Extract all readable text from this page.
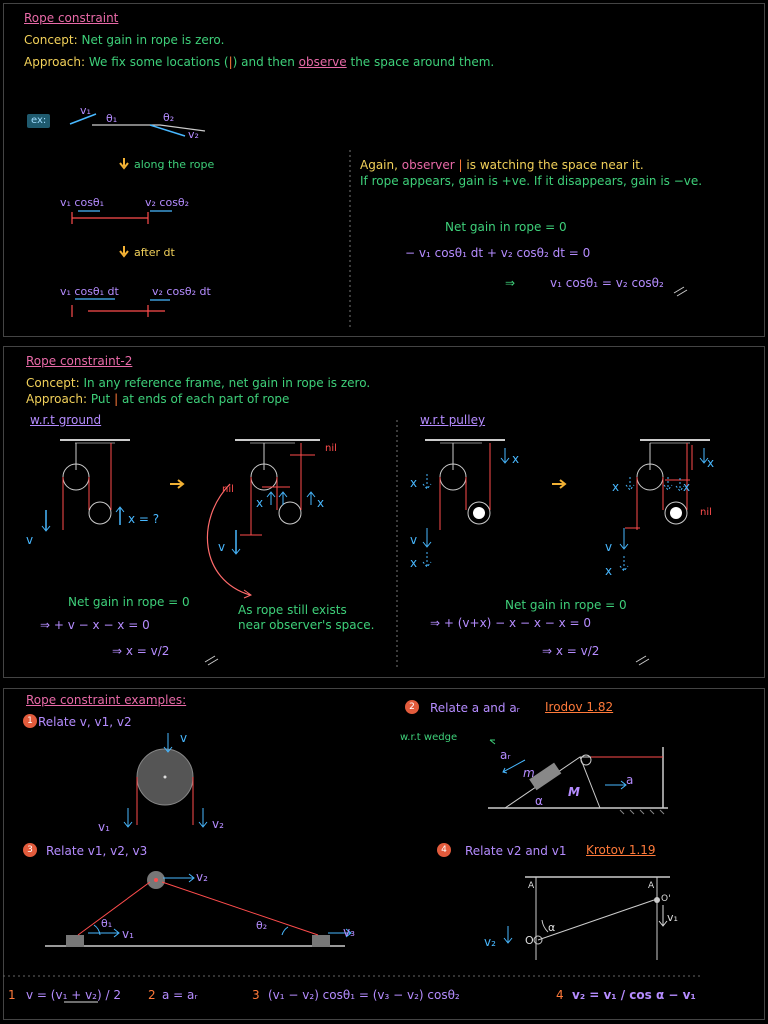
Rope constraint
Concept: Net gain in rope is zero.
Approach: We fix some locations (|) and then observe the space around them.
ex:
v₁
θ₁	θ₂
v₂
along the rope
v₁ cosθ₁	v₂ cosθ₂
after dt
v₁ cosθ₁ dt	v₂ cosθ₂ dt
Again, observer | is watching the space near it.
If rope appears, gain is +ve. If it disappears, gain is −ve.
Net gain in rope = 0
− v₁ cosθ₁ dt + v₂ cosθ₂ dt = 0
⇒	v₁ cosθ₁ = v₂ cosθ₂
Rope constraint-2
Concept: In any reference frame, net gain in rope is zero.
Approach: Put | at ends of each part of rope
w.r.t ground	w.r.t pulley
v
x = ?
nil
nil
x	x
v
x
x
v
x
x
x	x
nil
v
x
Net gain in rope = 0
⇒ + v − x − x = 0
⇒ x = v/2
As rope still exists
near observer's space.
Net gain in rope = 0
⇒ + (v+x) − x − x − x = 0
⇒ x = v/2
Rope constraint examples:
1 Relate v, v1, v2
2	Relate a and aᵣ Irodov 1.82
w.r.t wedge
v
v₁	v₂
aᵣ
m
M
a
α
3	Relate v1, v2, v3
v₂
θ₁
v₁
θ₂	v₃
4	Relate v2 and v1 Krotov 1.19
A	A
O'
O
α
v₂
v₁
1 v = (v₁ + v₂) / 2 2 a = aᵣ	3 (v₁ − v₂) cosθ₁ = (v₃ − v₂) cosθ₂	4 v₂ = v₁ / cos α − v₁
